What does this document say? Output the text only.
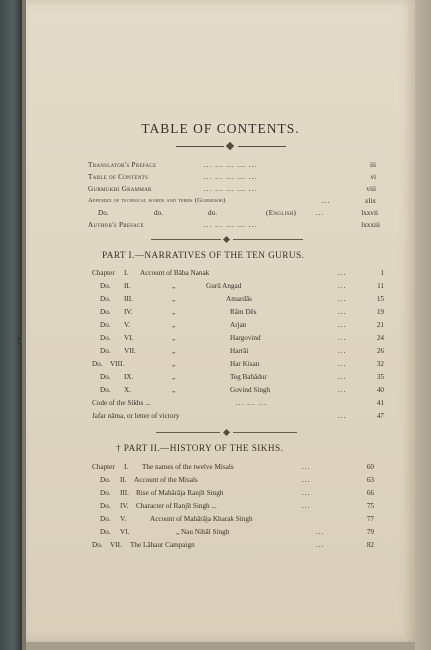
TABLE OF CONTENTS.
Translator's Preface	... ... ... ... ...	iii
Table of Contents	... ... ... ... ...	vi
Gurmukhi Grammar	... ... ... ... ...	viii
Appendix of technical words and terms (Gurmukhi)	...	xlix
Do.	do.	do.	(English)	...	lxxvii
Author's Preface	... ... ... ... ...	lxxxiii
PART I.—NARRATIVES OF THE TEN GURUS.
Chapter I. Account of Bâba Nanak	...	1
Do. II.	„	Gurû Angad	...	11
Do. III.	„	Amardâs	...	15
Do. IV.	„	Râm Dês	...	19
Do. V.	„	Arjan	...	21
Do. VI.	„	Hargovind	...	24
Do. VII.	„	Harrâi	...	26
Do. VIII.	„	Har Kisan	...	32
Do. IX.	„	Teg Bahâdur	...	35
Do. X.	„	Govind Singh	...	40
Code of the Sikhs ...	... ... ...	41
Jafar nâma, or letter of victory	...	47
† PART II.—HISTORY OF THE SIKHS.
Chapter I. The names of the twelve Misals	...	60
Do. II. Account of the Misals	...	63
Do. III. Rise of Mahârâja Ranjît Singh	...	66
Do. IV. Character of Ranjît Singh ...	...	75
Do. V.	Account of Mahârâja Kharak Singh	77
Do. VI.	„ Nau Nihâl Singh	...	79
Do. VII. The Lâhaur Campaign	...	82
